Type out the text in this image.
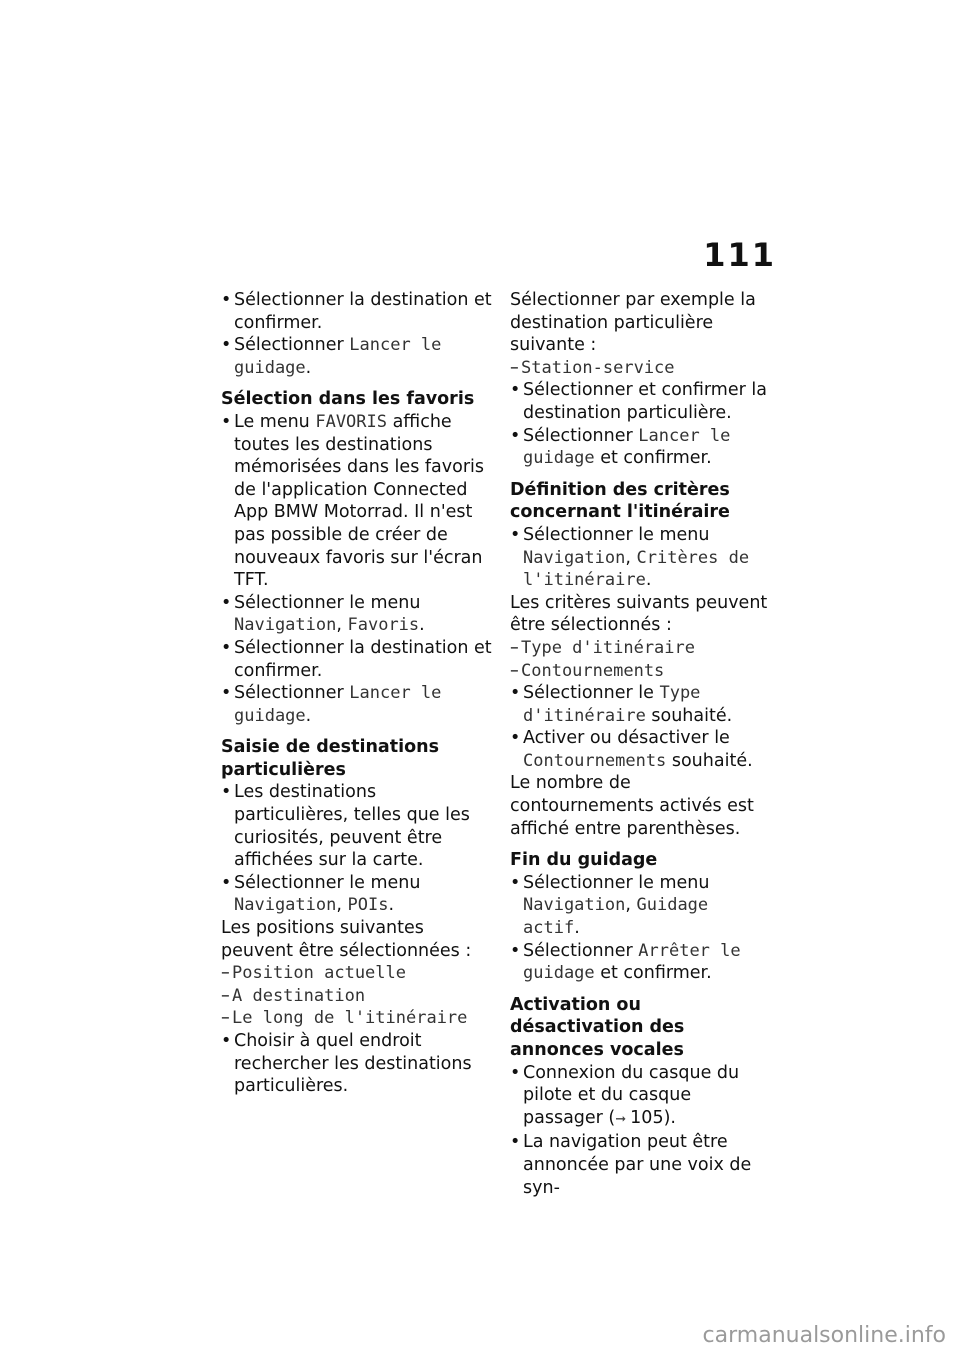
111
• Sélectionner la destination et confirmer.
• Sélectionner Lancer le guidage.
Sélection dans les favoris
• Le menu FAVORIS affiche toutes les destinations mémorisées dans les favoris de l'application Connected App BMW Motorrad. Il n'est pas possible de créer de nouveaux favoris sur l'écran TFT.
• Sélectionner le menu Navigation, Favoris.
• Sélectionner la destination et confirmer.
• Sélectionner Lancer le guidage.
Saisie de destinations particulières
• Les destinations particulières, telles que les curiosités, peuvent être affichées sur la carte.
• Sélectionner le menu Navigation, POIs.
Les positions suivantes peuvent être sélectionnées :
– Position actuelle
– A destination
– Le long de l'itinéraire
• Choisir à quel endroit rechercher les destinations particulières.
Sélectionner par exemple la destination particulière suivante :
– Station-service
• Sélectionner et confirmer la destination particulière.
• Sélectionner Lancer le guidage et confirmer.
Définition des critères concernant l'itinéraire
• Sélectionner le menu Navigation, Critères de l'itinéraire.
Les critères suivants peuvent être sélectionnés :
– Type d'itinéraire
– Contournements
• Sélectionner le Type d'itinéraire souhaité.
• Activer ou désactiver le Contournements souhaité.
Le nombre de contournements activés est affiché entre parenthèses.
Fin du guidage
• Sélectionner le menu Navigation, Guidage actif.
• Sélectionner Arrêter le guidage et confirmer.
Activation ou désactivation des annonces vocales
• Connexion du casque du pilote et du casque passager (➞ 105).
• La navigation peut être annoncée par une voix de syn-
carmanualsonline.info
